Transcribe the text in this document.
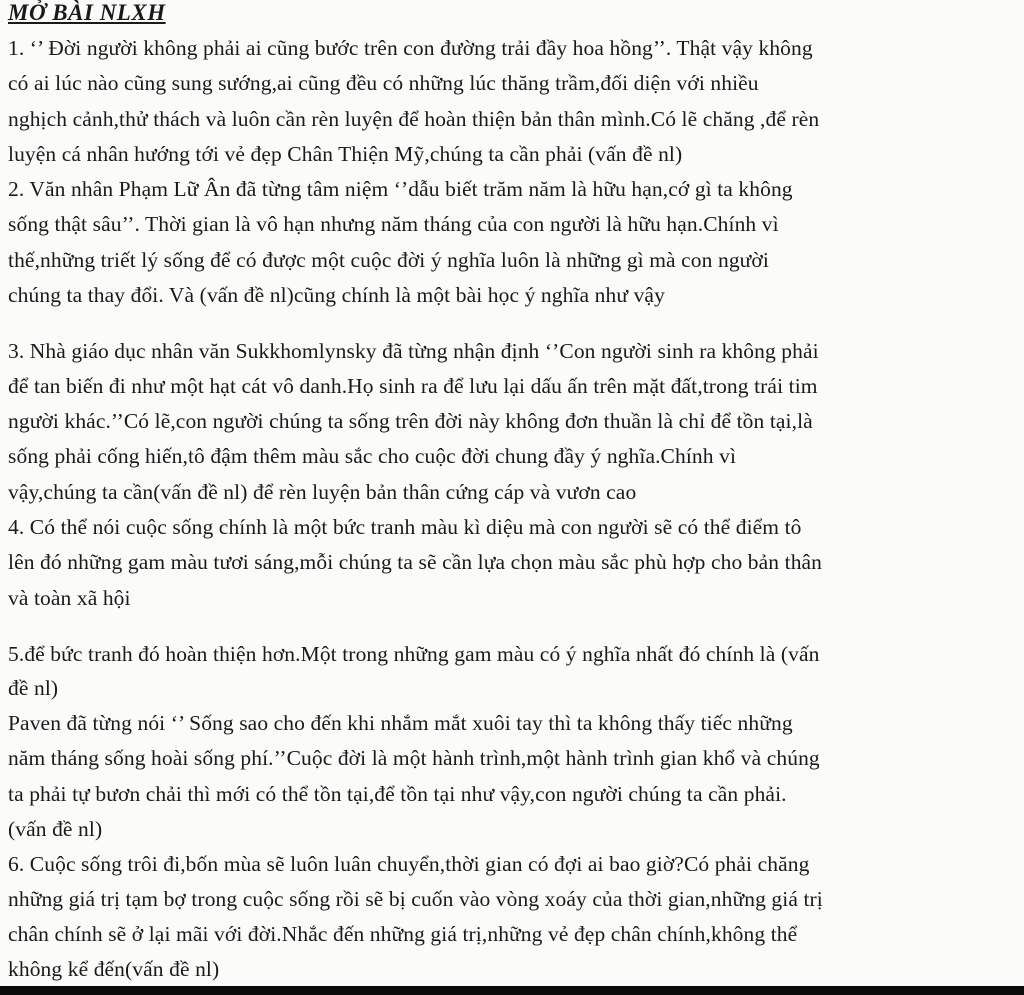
MỞ BÀI NLXH
1. ‘’ Đời người không phải ai cũng bước trên con đường trải đầy hoa hồng’’. Thật vậy không
có ai lúc nào cũng sung sướng,ai cũng đều có những lúc thăng trầm,đối diện với nhiều
nghịch cảnh,thử thách và luôn cần rèn luyện để hoàn thiện bản thân mình.Có lẽ chăng ,để rèn
luyện cá nhân hướng tới vẻ đẹp Chân Thiện Mỹ,chúng ta cần phải (vấn đề nl)
2. Văn nhân Phạm Lữ Ân đã từng tâm niệm ‘’dẫu biết trăm năm là hữu hạn,cớ gì ta không
sống thật sâu’’. Thời gian là vô hạn nhưng năm tháng của con người là hữu hạn.Chính vì
thế,những triết lý sống để có được một cuộc đời ý nghĩa luôn là những gì mà con người
chúng ta thay đổi. Và (vấn đề nl)cũng chính là một bài học ý nghĩa như vậy
3. Nhà giáo dục nhân văn Sukkhomlynsky đã từng nhận định ‘’Con người sinh ra không phải
để tan biến đi như một hạt cát vô danh.Họ sinh ra để lưu lại dấu ấn trên mặt đất,trong trái tim
người khác.’’Có lẽ,con người chúng ta sống trên đời này không đơn thuần là chỉ để tồn tại,là
sống phải cống hiến,tô đậm thêm màu sắc cho cuộc đời chung đầy ý nghĩa.Chính vì
vậy,chúng ta cần(vấn đề nl) để rèn luyện bản thân cứng cáp và vươn cao
4. Có thể nói cuộc sống chính là một bức tranh màu kì diệu mà con người sẽ có thể điểm tô
lên đó những gam màu tươi sáng,mỗi chúng ta sẽ cần lựa chọn màu sắc phù hợp cho bản thân
và toàn xã hội
5.để bức tranh đó hoàn thiện hơn.Một trong những gam màu có ý nghĩa nhất đó chính là (vấn
đề nl)
Paven đã từng nói ‘’ Sống sao cho đến khi nhắm mắt xuôi tay thì ta không thấy tiếc những
năm tháng sống hoài sống phí.’’Cuộc đời là một hành trình,một hành trình gian khổ và chúng
ta phải tự bươn chải thì mới có thể tồn tại,để tồn tại như vậy,con người chúng ta cần phải.
(vấn đề nl)
6. Cuộc sống trôi đi,bốn mùa sẽ luôn luân chuyển,thời gian có đợi ai bao giờ?Có phải chăng
những giá trị tạm bợ trong cuộc sống rồi sẽ bị cuốn vào vòng xoáy của thời gian,những giá trị
chân chính sẽ ở lại mãi với đời.Nhắc đến những giá trị,những vẻ đẹp chân chính,không thể
không kể đến(vấn đề nl)
